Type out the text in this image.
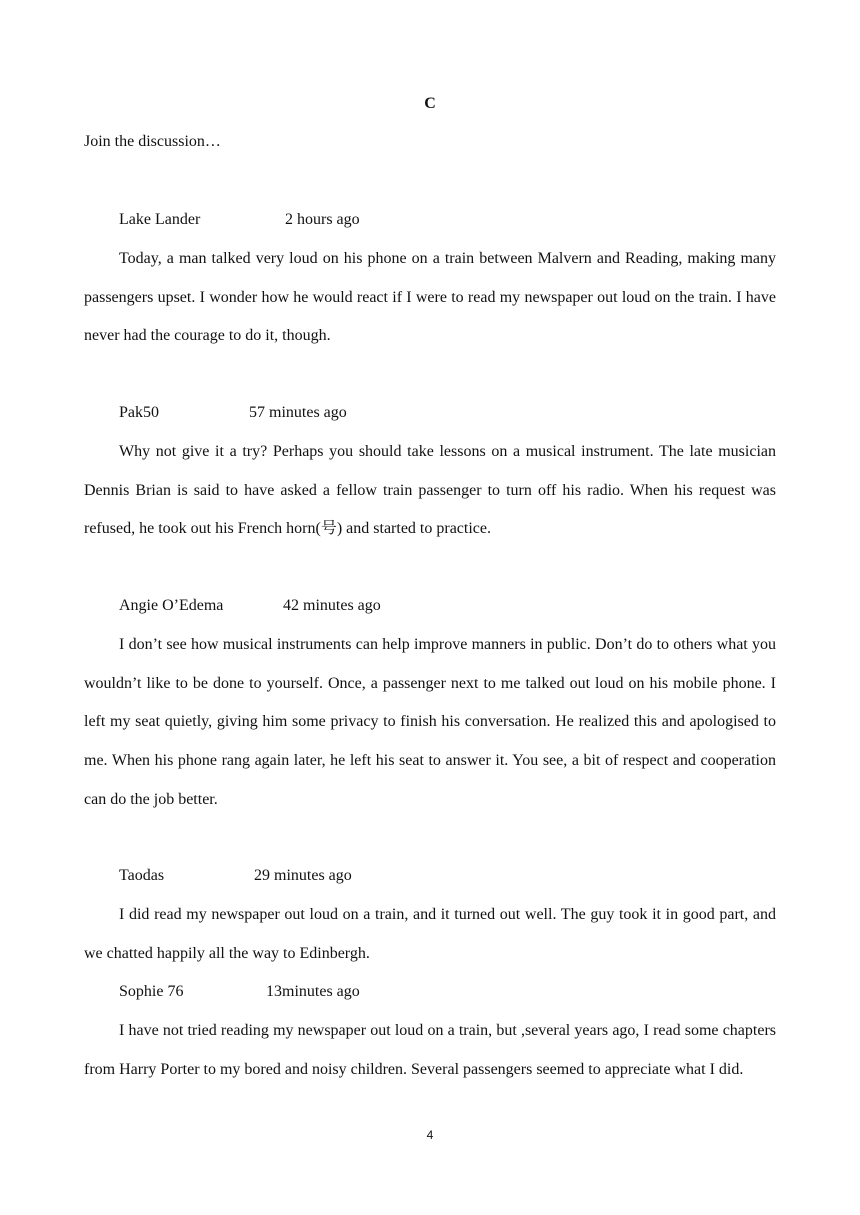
C
Join the discussion…
Lake Lander	2 hours ago

Today, a man talked very loud on his phone on a train between Malvern and Reading, making many passengers upset. I wonder how he would react if I were to read my newspaper out loud on the train. I have never had the courage to do it, though.

Pak50	57 minutes ago

Why not give it a try? Perhaps you should take lessons on a musical instrument. The late musician Dennis Brian is said to have asked a fellow train passenger to turn off his radio. When his request was refused, he took out his French horn(号) and started to practice.

Angie O’Edema	42 minutes ago

I don’t see how musical instruments can help improve manners in public. Don’t do to others what you wouldn’t like to be done to yourself. Once, a passenger next to me talked out loud on his mobile phone. I left my seat quietly, giving him some privacy to finish his conversation. He realized this and apologised to me. When his phone rang again later, he left his seat to answer it. You see, a bit of respect and cooperation can do the job better.

Taodas	29 minutes ago

I did read my newspaper out loud on a train, and it turned out well. The guy took it in good part, and we chatted happily all the way to Edinbergh.

Sophie 76	13minutes ago

I have not tried reading my newspaper out loud on a train, but ,several years ago, I read some chapters from Harry Porter to my bored and noisy children. Several passengers seemed to appreciate what I did.

4
